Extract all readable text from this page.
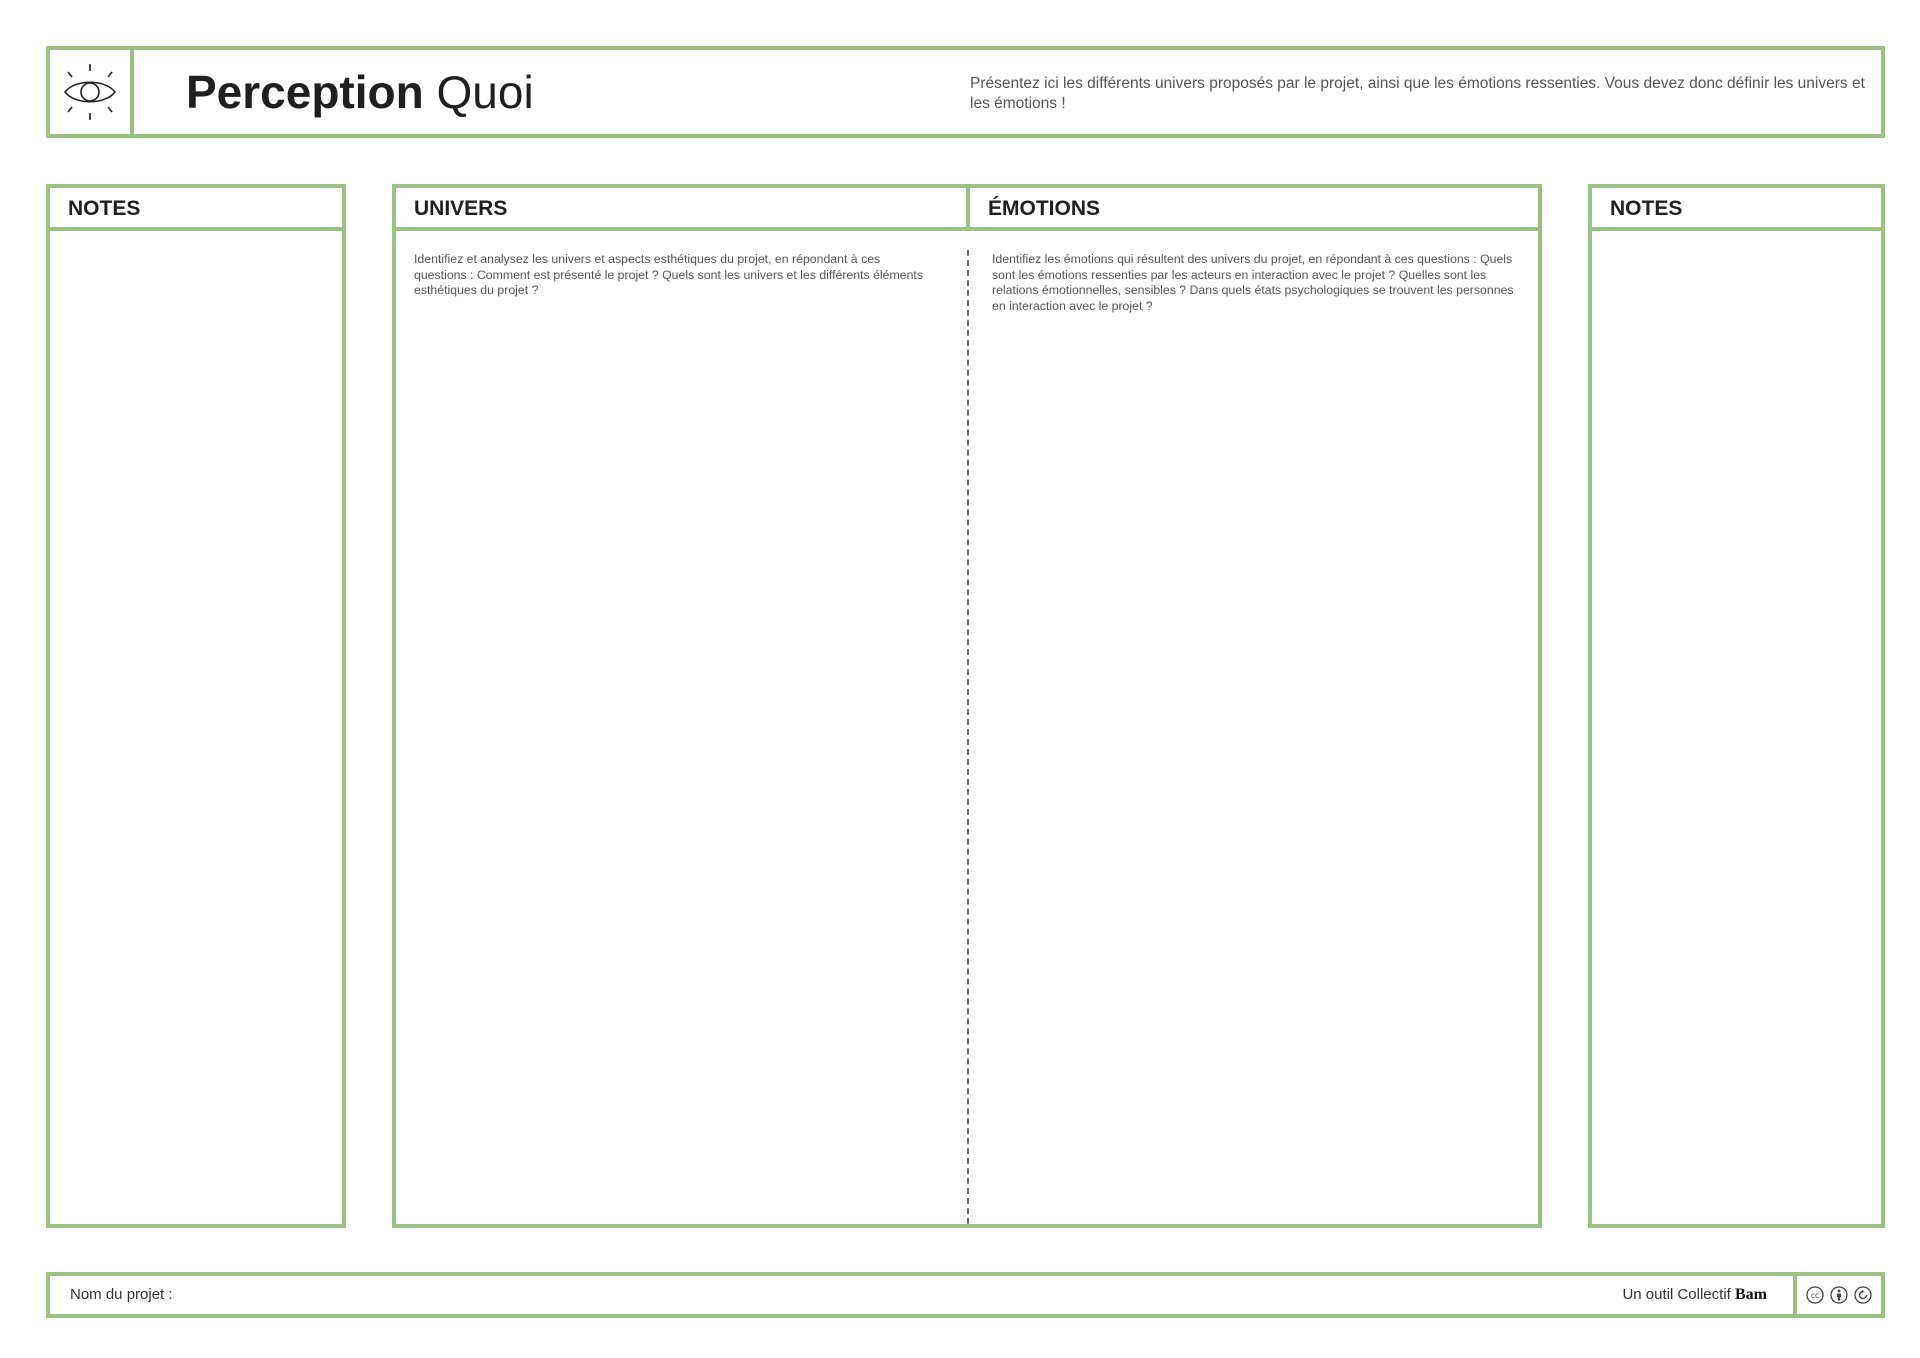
Perception Quoi	Présentez ici les différents univers proposés par le projet, ainsi que les émotions ressenties. Vous devez donc définir les univers et les émotions !
NOTES	UNIVERS
Identifiez et analysez les univers et aspects esthétiques du projet, en répondant à ces questions : Comment est présenté le projet ? Quels sont les univers et les différents éléments esthétiques du projet ?
ÉMOTIONS
Identifiez les émotions qui résultent des univers du projet, en répondant à ces questions : Quels sont les émotions ressenties par les acteurs en interaction avec le projet ? Quelles sont les relations émotionnelles, sensibles ? Dans quels états psychologiques se trouvent les personnes en interaction avec le projet ?
NOTES
Nom du projet :	Un outil Collectif Bam	cc
